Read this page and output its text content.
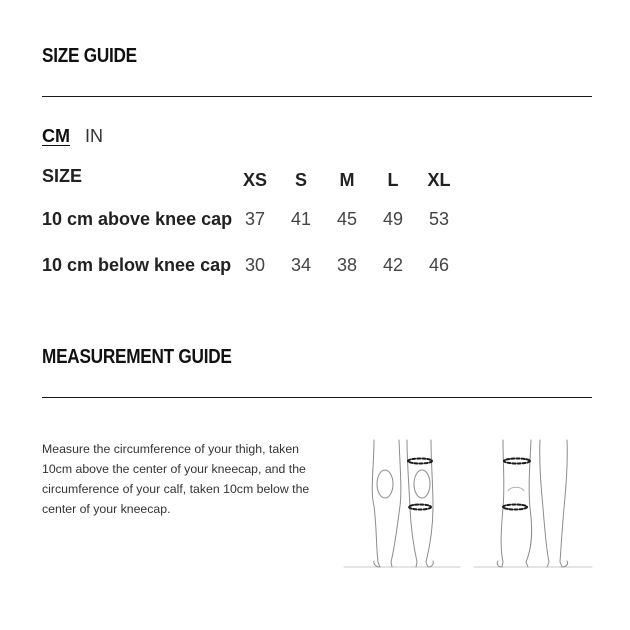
SIZE GUIDE
CM IN
SIZE	XS	S	M	L	XL
10 cm above knee cap 37	41	45	49	53
10 cm below knee cap 30	34	38	42	46
MEASUREMENT GUIDE
Measure the circumference of your thigh, taken 10cm above the center of your kneecap, and the circumference of your calf, taken 10cm below the center of your kneecap.
